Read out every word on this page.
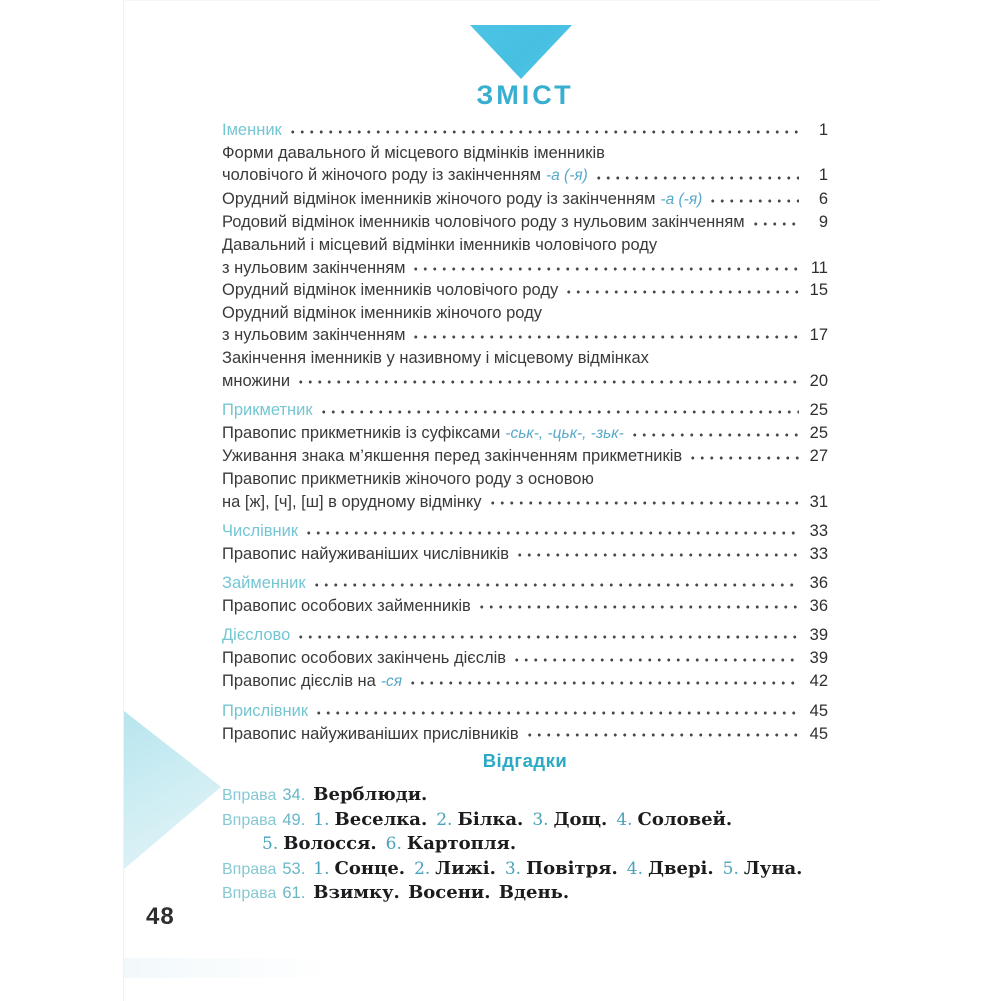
ЗМІСТ
Іменник	1
Форми давального й місцевого відмінків іменників
чоловічого й жіночого роду із закінченням -а (-я)	1
Орудний відмінок іменників жіночого роду із закінченням -а (-я)	6
Родовий відмінок іменників чоловічого роду з нульовим закінченням	9
Давальний і місцевий відмінки іменників чоловічого роду
з нульовим закінченням	11
Орудний відмінок іменників чоловічого роду	15
Орудний відмінок іменників жіночого роду
з нульовим закінченням	17
Закінчення іменників у називному і місцевому відмінках
множини	20
Прикметник	25
Правопис прикметників із суфіксами -ськ-, -цьк-, -зьк-	25
Уживання знака м’якшення перед закінченням прикметників	27
Правопис прикметників жіночого роду з основою
на [ж], [ч], [ш] в орудному відмінку	31
Числівник	33
Правопис найуживаніших числівників	33
Займенник	36
Правопис особових займенників	36
Дієслово	39
Правопис особових закінчень дієслів	39
Правопис дієслів на -ся	42
Прислівник	45
Правопис найуживаніших прислівників	45
Відгадки
Вправа 34. Верблюди.
Вправа 49. 1. Веселка. 2. Білка. 3. Дощ. 4. Соловей.
5. Волосся. 6. Картопля.
Вправа 53. 1. Сонце. 2. Лижі. 3. Повітря. 4. Двері. 5. Луна.
Вправа 61. Взимку. Восени. Вдень.
48
